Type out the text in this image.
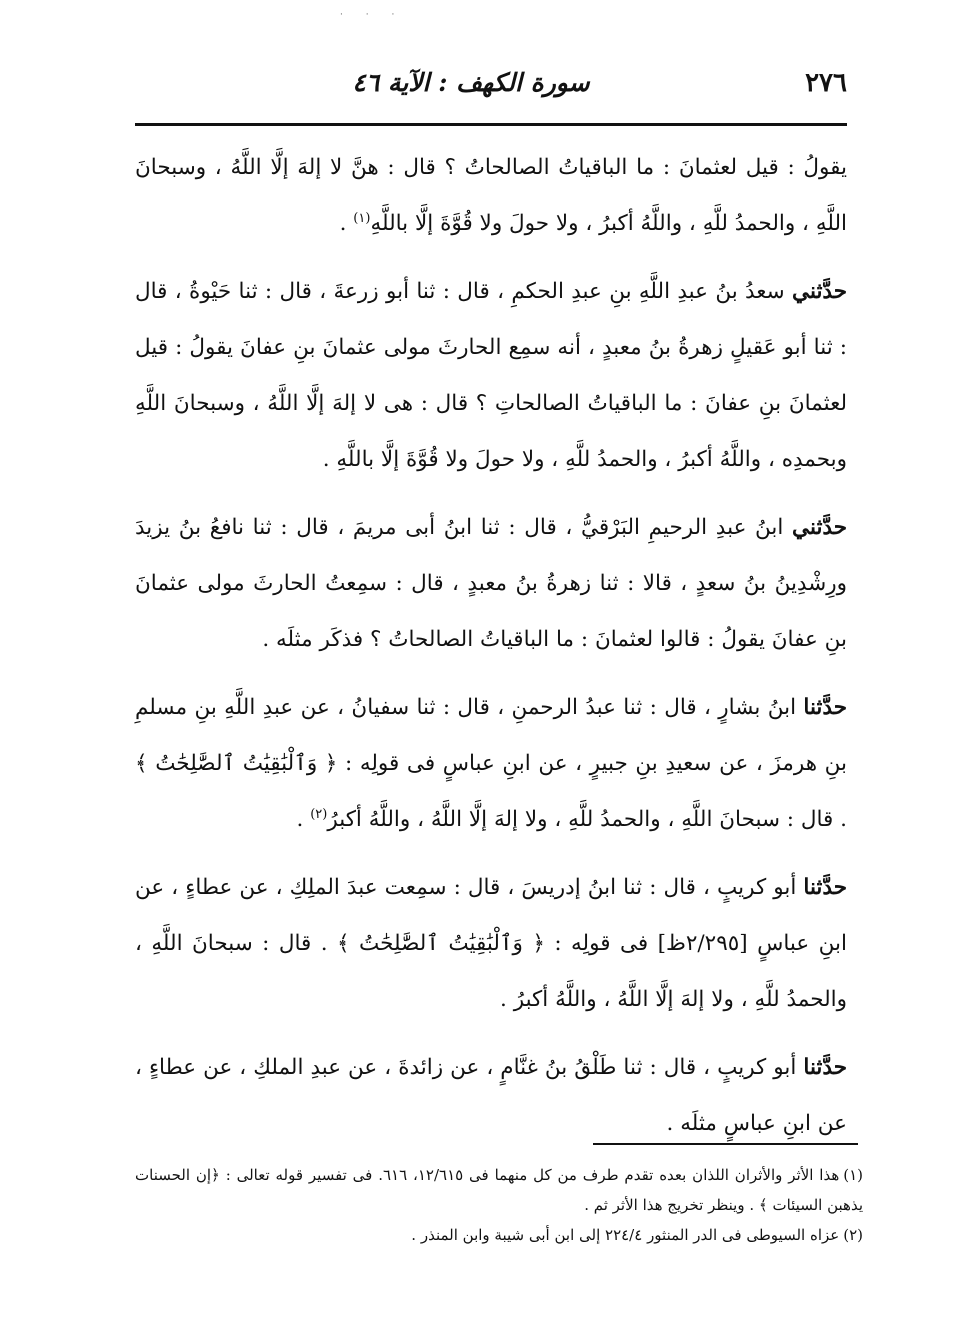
· · ·
٢٧٦
سورة الكهف : الآية ٤٦

يقولُ : قيل لعثمانَ : ما الباقياتُ الصالحاتُ ؟ قال : هنَّ لا إلهَ إلَّا اللَّهُ ، وسبحانَ اللَّهِ ، والحمدُ للَّهِ ، واللَّهُ أكبرُ ، ولا حولَ ولا قُوَّةَ إلَّا باللَّهِ$^{(١)}$ .

حدَّثني سعدُ بنُ عبدِ اللَّهِ بنِ عبدِ الحكمِ ، قال : ثنا أبو زرعةَ ، قال : ثنا حَيْوةُ ، قال : ثنا أبو عَقيلٍ زهرةُ بنُ معبدٍ ، أنه سمِع الحارثَ مولى عثمانَ بنِ عفانَ يقولُ : قيل لعثمانَ بنِ عفانَ : ما الباقياتُ الصالحاتِ ؟ قال : هى لا إلهَ إلَّا اللَّهُ ، وسبحانَ اللَّهِ وبحمدِه ، واللَّهُ أكبرُ ، والحمدُ للَّهِ ، ولا حولَ ولا قُوَّةَ إلَّا باللَّهِ .

حدَّثني ابنُ عبدِ الرحيمِ البَرْقيُّ ، قال : ثنا ابنُ أبى مريمَ ، قال : ثنا نافعُ بنُ يزيدَ ورِشْدِينُ بنُ سعدٍ ، قالا : ثنا زهرةُ بنُ معبدٍ ، قال : سمِعتُ الحارثَ مولى عثمانَ بنِ عفانَ يقولُ : قالوا لعثمانَ : ما الباقياتُ الصالحاتُ ؟ فذكَر مثلَه .

حدَّثنا ابنُ بشارٍ ، قال : ثنا عبدُ الرحمنِ ، قال : ثنا سفيانُ ، عن عبدِ اللَّهِ بنِ مسلمِ بنِ هرمزَ ، عن سعيدِ بنِ جبيرٍ ، عن ابنِ عباسٍ فى قولِه : ﴿ وَٱلْبَٰقِيَٰتُ ٱلصَّٰلِحَٰتُ ﴾ . قال : سبحانَ اللَّهِ ، والحمدُ للَّهِ ، ولا إلهَ إلَّا اللَّهُ ، واللَّهُ أكبرُ$^{(٢)}$ .

حدَّثنا أبو كريبٍ ، قال : ثنا ابنُ إدريسَ ، قال : سمِعت عبدَ الملِكِ ، عن عطاءٍ ، عن ابنِ عباسٍ [٢/٢٩٥ظ] فى قولِه : ﴿ وَٱلْبَٰقِيَٰتُ ٱلصَّٰلِحَٰتُ ﴾ . قال : سبحانَ اللَّهِ ، والحمدُ للَّهِ ، ولا إلهَ إلَّا اللَّهُ ، واللَّهُ أكبرُ .

حدَّثنا أبو كريبٍ ، قال : ثنا طَلْقُ بنُ غنَّامٍ ، عن زائدةَ ، عن عبدِ الملكِ ، عن عطاءٍ ، عن ابنِ عباسٍ مثلَه .

(١)هذا الأثر والأثران اللذان بعده تقدم طرف من كل منهما فى ١٢/٦١٥، ٦١٦. فى تفسير قوله تعالى : ﴿إن الحسنات يذهبن السيئات ﴾ . وينظر تخريج هذا الأثر ثم .

(٢)عزاه السيوطى فى الدر المنثور ٢٢٤/٤ إلى ابن أبى شيبة وابن المنذر .
